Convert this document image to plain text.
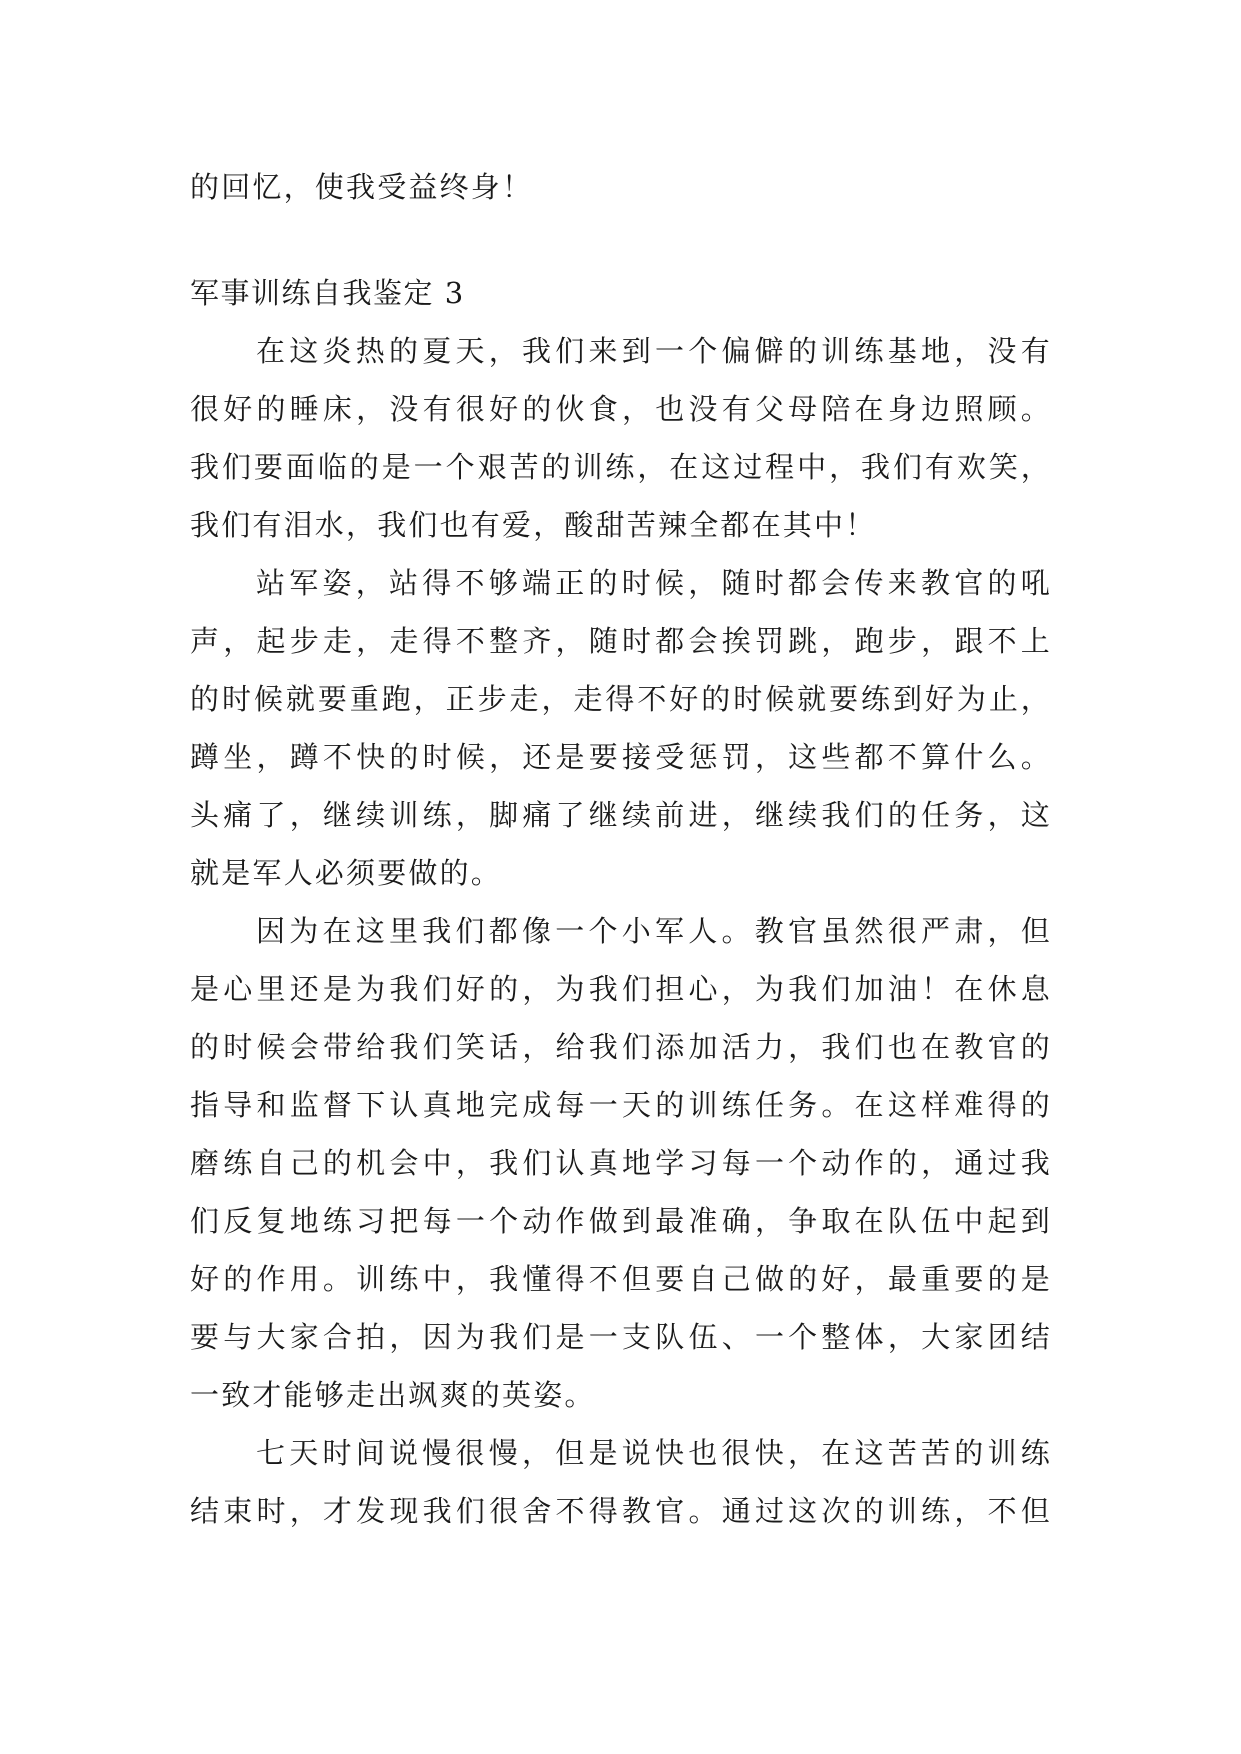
的回忆，使我受益终身！
军事训练自我鉴定 3
在这炎热的夏天，我们来到一个偏僻的训练基地，没有
很好的睡床，没有很好的伙食，也没有父母陪在身边照顾。
我们要面临的是一个艰苦的训练，在这过程中，我们有欢笑，
我们有泪水，我们也有爱，酸甜苦辣全都在其中！
站军姿，站得不够端正的时候，随时都会传来教官的吼
声，起步走，走得不整齐，随时都会挨罚跳，跑步，跟不上
的时候就要重跑，正步走，走得不好的时候就要练到好为止，
蹲坐，蹲不快的时候，还是要接受惩罚，这些都不算什么。
头痛了，继续训练，脚痛了继续前进，继续我们的任务，这
就是军人必须要做的。
因为在这里我们都像一个小军人。教官虽然很严肃，但
是心里还是为我们好的，为我们担心，为我们加油！在休息
的时候会带给我们笑话，给我们添加活力，我们也在教官的
指导和监督下认真地完成每一天的训练任务。在这样难得的
磨练自己的机会中，我们认真地学习每一个动作的，通过我
们反复地练习把每一个动作做到最准确，争取在队伍中起到
好的作用。训练中，我懂得不但要自己做的好，最重要的是
要与大家合拍，因为我们是一支队伍、一个整体，大家团结
一致才能够走出飒爽的英姿。
七天时间说慢很慢，但是说快也很快，在这苦苦的训练
结束时，才发现我们很舍不得教官。通过这次的训练，不但
